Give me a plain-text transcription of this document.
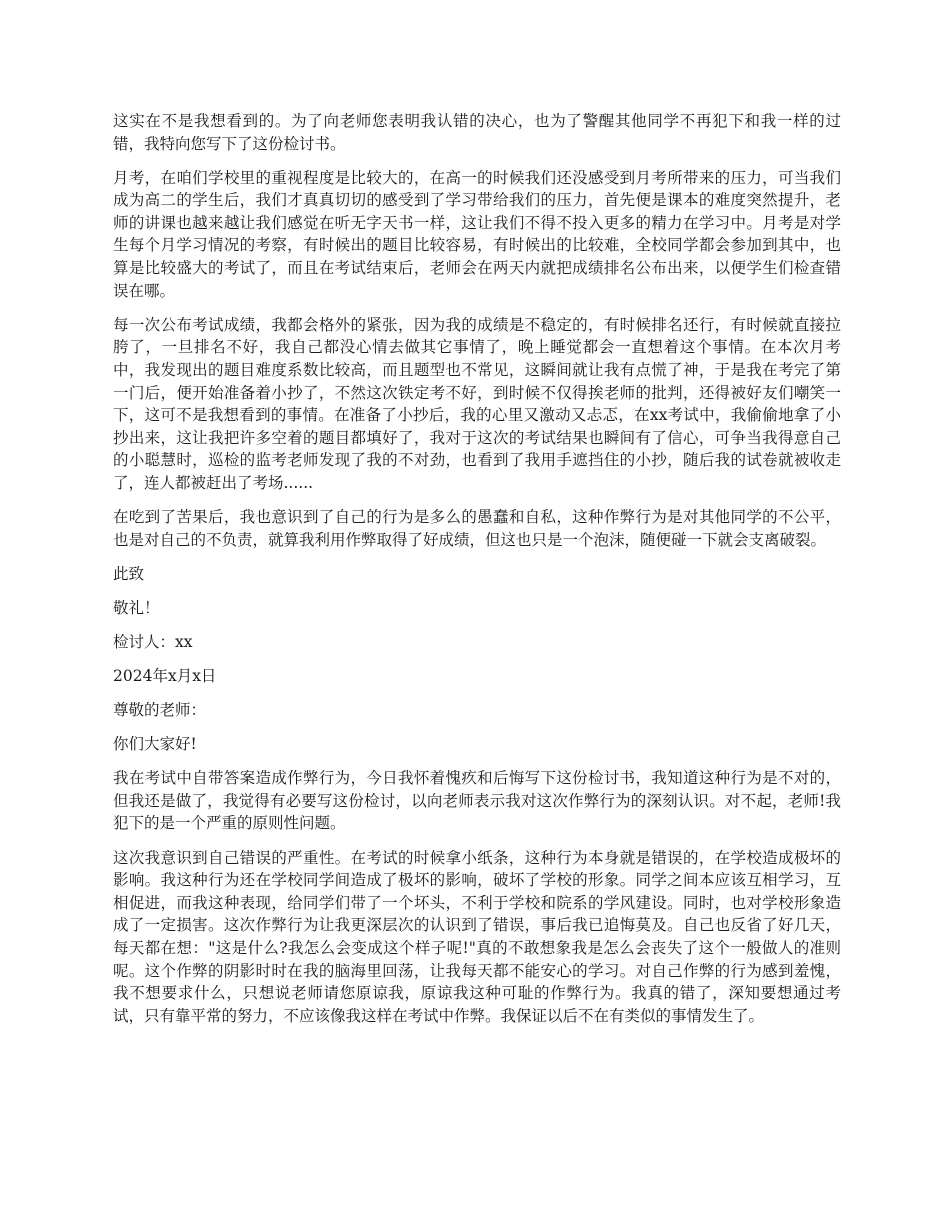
这实在不是我想看到的。为了向老师您表明我认错的决心，也为了警醒其他同学不再犯下和我一样的过错，我特向您写下了这份检讨书。

月考，在咱们学校里的重视程度是比较大的，在高一的时候我们还没感受到月考所带来的压力，可当我们成为高二的学生后，我们才真真切切的感受到了学习带给我们的压力，首先便是课本的难度突然提升，老师的讲课也越来越让我们感觉在听无字天书一样，这让我们不得不投入更多的精力在学习中。月考是对学生每个月学习情况的考察，有时候出的题目比较容易，有时候出的比较难，全校同学都会参加到其中，也算是比较盛大的考试了，而且在考试结束后，老师会在两天内就把成绩排名公布出来，以便学生们检查错误在哪。

每一次公布考试成绩，我都会格外的紧张，因为我的成绩是不稳定的，有时候排名还行，有时候就直接拉胯了，一旦排名不好，我自己都没心情去做其它事情了，晚上睡觉都会一直想着这个事情。在本次月考中，我发现出的题目难度系数比较高，而且题型也不常见，这瞬间就让我有点慌了神，于是我在考完了第一门后，便开始准备着小抄了，不然这次铁定考不好，到时候不仅得挨老师的批判，还得被好友们嘲笑一下，这可不是我想看到的事情。在准备了小抄后，我的心里又激动又忐忑，在xx考试中，我偷偷地拿了小抄出来，这让我把许多空着的题目都填好了，我对于这次的考试结果也瞬间有了信心，可争当我得意自己的小聪慧时，巡检的监考老师发现了我的不对劲，也看到了我用手遮挡住的小抄，随后我的试卷就被收走了，连人都被赶出了考场......

在吃到了苦果后，我也意识到了自己的行为是多么的愚蠢和自私，这种作弊行为是对其他同学的不公平，也是对自己的不负责，就算我利用作弊取得了好成绩，但这也只是一个泡沫，随便碰一下就会支离破裂。

此致

敬礼！

检讨人：xx

2024年x月x日

尊敬的老师：

你们大家好!

我在考试中自带答案造成作弊行为，今日我怀着愧疚和后悔写下这份检讨书，我知道这种行为是不对的，但我还是做了，我觉得有必要写这份检讨，以向老师表示我对这次作弊行为的深刻认识。对不起，老师!我犯下的是一个严重的原则性问题。

这次我意识到自己错误的严重性。在考试的时候拿小纸条，这种行为本身就是错误的，在学校造成极坏的影响。我这种行为还在学校同学间造成了极坏的影响，破坏了学校的形象。同学之间本应该互相学习，互相促进，而我这种表现，给同学们带了一个坏头，不利于学校和院系的学风建设。同时，也对学校形象造成了一定损害。这次作弊行为让我更深层次的认识到了错误，事后我已追悔莫及。自己也反省了好几天，每天都在想："这是什么?我怎么会变成这个样子呢!"真的不敢想象我是怎么会丧失了这个一般做人的准则呢。这个作弊的阴影时时在我的脑海里回荡，让我每天都不能安心的学习。对自己作弊的行为感到羞愧，我不想要求什么，只想说老师请您原谅我，原谅我这种可耻的作弊行为。我真的错了，深知要想通过考试，只有靠平常的努力，不应该像我这样在考试中作弊。我保证以后不在有类似的事情发生了。
